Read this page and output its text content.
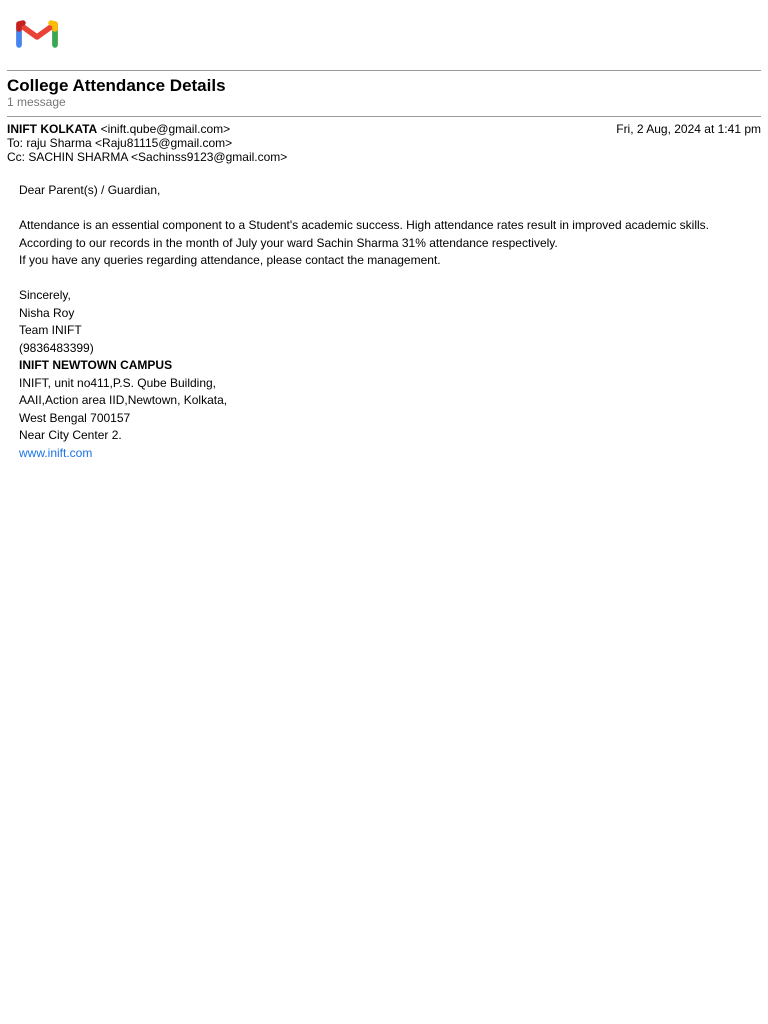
College Attendance Details
1 message
INIFT KOLKATA <inift.qube@gmail.com>	Fri, 2 Aug, 2024 at 1:41 pm
To: raju Sharma <Raju81115@gmail.com>
Cc: SACHIN SHARMA <Sachinss9123@gmail.com>

Dear Parent(s) / Guardian,

Attendance is an essential component to a Student's academic success. High attendance rates result in improved academic skills.

According to our records in the month of July your ward Sachin Sharma 31% attendance respectively.

If you have any queries regarding attendance, please contact the management.

Sincerely,

Nisha Roy

Team INIFT

(9836483399)

INIFT NEWTOWN CAMPUS

INIFT, unit no411,P.S. Qube Building,

AAII,Action area IID,Newtown, Kolkata,

West Bengal 700157

Near City Center 2.

www.inift.com
